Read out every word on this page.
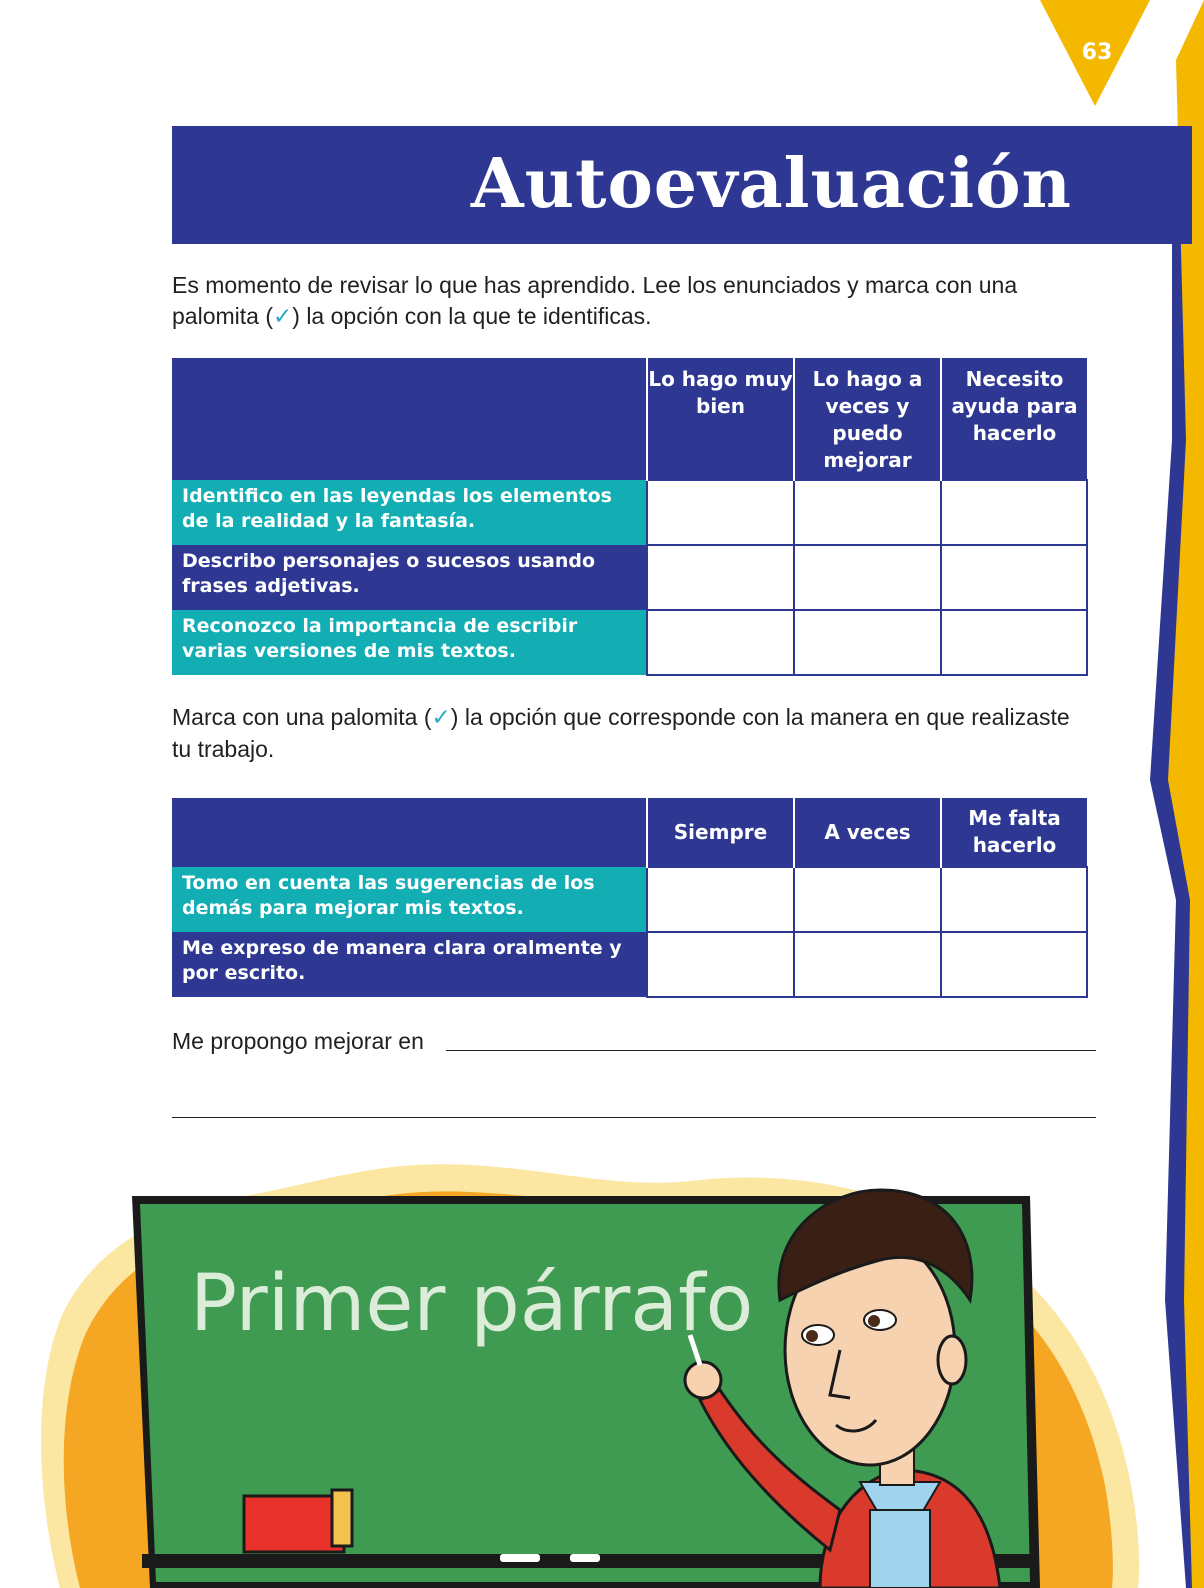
63
Autoevaluación
Es momento de revisar lo que has aprendido. Lee los enunciados y marca con una palomita (✓) la opción con la que te identificas.
	Lo hago muy bien	Lo hago a veces y puedo mejorar	Necesito ayuda para hacerlo
Identifico en las leyendas los elementos de la realidad y la fantasía.			
Describo personajes o sucesos usando frases adjetivas.			
Reconozco la importancia de escribir varias versiones de mis textos.			
Marca con una palomita (✓) la opción que corresponde con la manera en que realizaste tu trabajo.
	Siempre	A veces	Me falta hacerlo
Tomo en cuenta las sugerencias de los demás para mejorar mis textos.			
Me expreso de manera clara oralmente y por escrito.			
Me propongo mejorar en
Primer párrafo
